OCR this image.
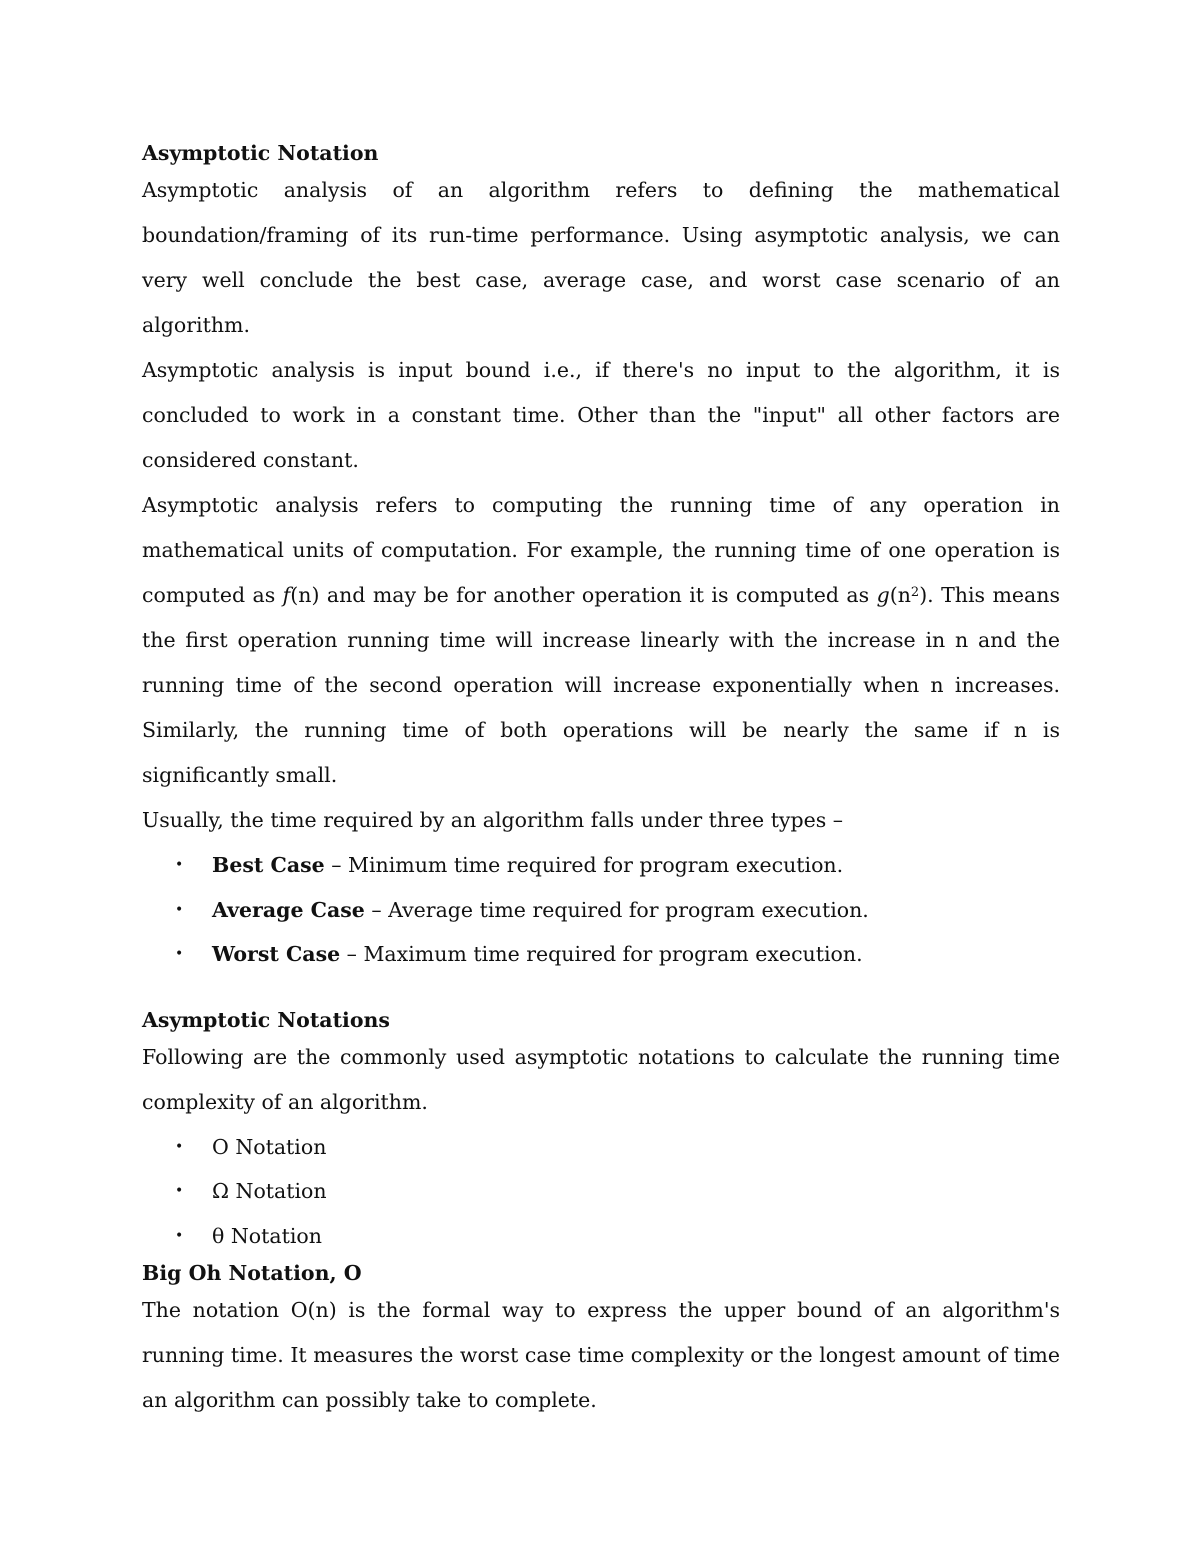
Asymptotic Notation

Asymptotic analysis of an algorithm refers to defining the mathematical boundation/framing of its run-time performance. Using asymptotic analysis, we can very well conclude the best case, average case, and worst case scenario of an algorithm.

Asymptotic analysis is input bound i.e., if there's no input to the algorithm, it is concluded to work in a constant time. Other than the "input" all other factors are considered constant.

Asymptotic analysis refers to computing the running time of any operation in mathematical units of computation. For example, the running time of one operation is computed as f(n) and may be for another operation it is computed as $g(n^2)$. This means the first operation running time will increase linearly with the increase in n and the running time of the second operation will increase exponentially when n increases. Similarly, the running time of both operations will be nearly the same if n is significantly small.

Usually, the time required by an algorithm falls under three types –

• Best Case – Minimum time required for program execution.
• Average Case – Average time required for program execution.
• Worst Case – Maximum time required for program execution.

Asymptotic Notations

Following are the commonly used asymptotic notations to calculate the running time complexity of an algorithm.

• Ο Notation
• Ω Notation
• θ Notation

Big Oh Notation, Ο

The notation Ο(n) is the formal way to express the upper bound of an algorithm's running time. It measures the worst case time complexity or the longest amount of time an algorithm can possibly take to complete.
